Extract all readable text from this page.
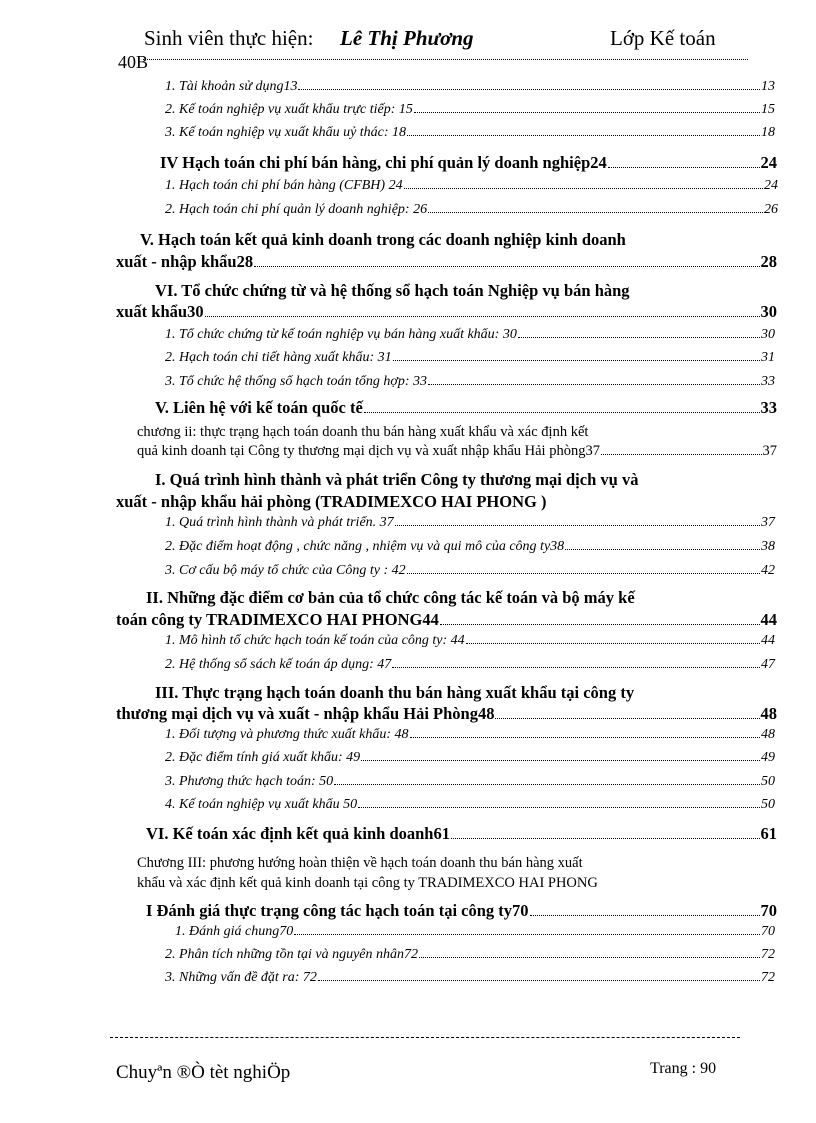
Sinh viên thực hiện: Lê Thị Phương	Lớp Kế toán
40B
1. Tài khoản sử dụng13	13
2. Kế toán nghiệp vụ xuất khẩu trực tiếp: 15	15
3. Kế toán nghiệp vụ xuất khẩu uỷ thác: 18	18
IV Hạch toán chi phí bán hàng, chi phí quản lý doanh nghiệp24	24
1. Hạch toán chi phí bán hàng (CFBH) 24	24
2. Hạch toán chi phí quản lý doanh nghiệp: 26	26
V. Hạch toán kết quả kinh doanh trong các doanh nghiệp kinh doanh
xuất - nhập khẩu28	28
VI. Tổ chức chứng từ và hệ thống sổ hạch toán Nghiệp vụ bán hàng
xuất khẩu30	30
1. Tổ chức chứng từ kế toán nghiệp vụ bán hàng xuất khẩu: 30	30
2. Hạch toán chi tiết hàng xuất khẩu: 31	31
3. Tổ chức hệ thống sổ hạch toán tổng hợp: 33	33
V. Liên hệ với kế toán quốc tế	33
chương ii: thực trạng hạch toán doanh thu bán hàng xuất khẩu và xác định kết
quả kinh doanh tại Công ty thương mại dịch vụ và xuất nhập khẩu Hải phòng37	37
I. Quá trình hình thành và phát triển Công ty thương mại dịch vụ và
xuất - nhập khẩu hải phòng (TRADIMEXCO HAI PHONG )
1. Quá trình hình thành và phát triển. 37	37
2. Đặc điểm hoạt động , chức năng , nhiệm vụ và qui mô của công ty38	38
3. Cơ cấu bộ máy tổ chức của Công ty : 42	42
II. Những đặc điểm cơ bản của tổ chức công tác kế toán và bộ máy kế
toán công ty TRADIMEXCO HAI PHONG44	44
1. Mô hình tổ chức hạch toán kế toán của công ty: 44	44
2. Hệ thống sổ sách kế toán áp dụng: 47	47
III. Thực trạng hạch toán doanh thu bán hàng xuất khẩu tại công ty
thương mại dịch vụ và xuất - nhập khẩu Hải Phòng48	48
1. Đối tượng và phương thức xuất khẩu: 48	48
2. Đặc điểm tính giá xuất khẩu: 49	49
3. Phương thức hạch toán: 50	50
4. Kế toán nghiệp vụ xuất khẩu 50	50
VI. Kế toán xác định kết quả kinh doanh61	61
Chương III: phương hướng hoàn thiện về hạch toán doanh thu bán hàng xuất
khẩu và xác định kết quả kinh doanh tại công ty TRADIMEXCO HAI PHONG
I Đánh giá thực trạng công tác hạch toán tại công ty70	70
1. Đánh giá chung70	70
2. Phân tích những tồn tại và nguyên nhân72	72
3. Những vấn đề đặt ra: 72	72
Chuyªn ®Ò tèt nghiÖp	Trang : 90
